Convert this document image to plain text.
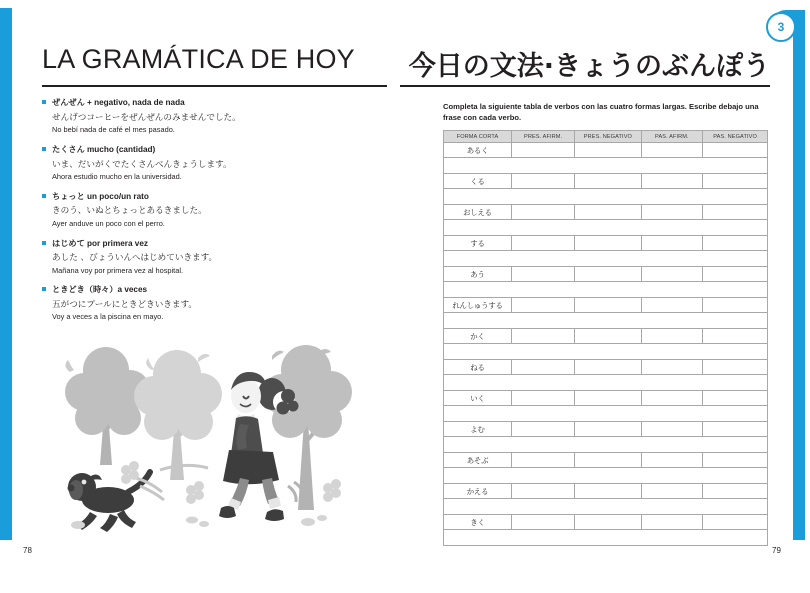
3
LA GRAMÁTICA DE HOY
ぜんぜん + negativo, nada de nada
せんげつコーヒーをぜんぜんのみませんでした。
No bebí nada de café el mes pasado.
たくさん mucho (cantidad)
いま、だいがくでたくさんべんきょうします。
Ahora estudio mucho en la universidad.
ちょっと un poco/un rato
きのう、いぬとちょっとあるきました。
Ayer anduve un poco con el perro.
はじめて por primera vez
あした 、びょういんへはじめていきます。
Mañana voy por primera vez al hospital.
ときどき（時々）a veces
五がつにプールにときどきいきます。
Voy a veces a la piscina en mayo.
78
今日の文法·きょうのぶんぽう
Completa la siguiente tabla de verbos con las cuatro formas largas. Escribe debajo una frase con cada verbo.
FORMA CORTA	PRES. AFIRM.	PRES. NEGATIVO	PAS. AFIRM.	PAS. NEGATIVO
あるく				

くる				

おしえる				

する				

あう				

れんしゅうする				

かく				

ねる				

いく				

よむ				

あそぶ				

かえる				

きく				

79
